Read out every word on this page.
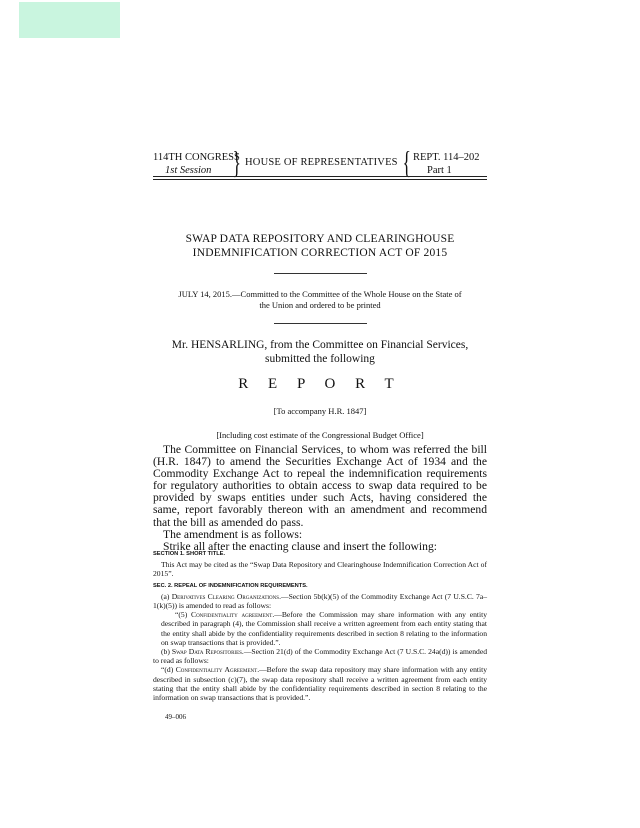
114TH CONGRESS
1st Session } HOUSE OF REPRESENTATIVES { REPT. 114–202
Part 1
SWAP DATA REPOSITORY AND CLEARINGHOUSE
INDEMNIFICATION CORRECTION ACT OF 2015
JULY 14, 2015.—Committed to the Committee of the Whole House on the State of
the Union and ordered to be printed
Mr. HENSARLING, from the Committee on Financial Services,
submitted the following
R E P O R T
[To accompany H.R. 1847]
[Including cost estimate of the Congressional Budget Office]

The Committee on Financial Services, to whom was referred the bill (H.R. 1847) to amend the Securities Exchange Act of 1934 and the Commodity Exchange Act to repeal the indemnification requirements for regulatory authorities to obtain access to swap data required to be provided by swaps entities under such Acts, having considered the same, report favorably thereon with an amendment and recommend that the bill as amended do pass.

The amendment is as follows:

Strike all after the enacting clause and insert the following:

SECTION 1. SHORT TITLE.

This Act may be cited as the “Swap Data Repository and Clearinghouse Indemnification Correction Act of 2015”.

SEC. 2. REPEAL OF INDEMNIFICATION REQUIREMENTS.

(a) Derivatives Clearing Organizations.—Section 5b(k)(5) of the Commodity Exchange Act (7 U.S.C. 7a–1(k)(5)) is amended to read as follows:

“(5) Confidentiality agreement.—Before the Commission may share information with any entity described in paragraph (4), the Commission shall receive a written agreement from each entity stating that the entity shall abide by the confidentiality requirements described in section 8 relating to the information on swap transactions that is provided.”.

(b) Swap Data Repositories.—Section 21(d) of the Commodity Exchange Act (7 U.S.C. 24a(d)) is amended to read as follows:

“(d) Confidentiality Agreement.—Before the swap data repository may share information with any entity described in subsection (c)(7), the swap data repository shall receive a written agreement from each entity stating that the entity shall abide by the confidentiality requirements described in section 8 relating to the information on swap transactions that is provided.”.

49–006
